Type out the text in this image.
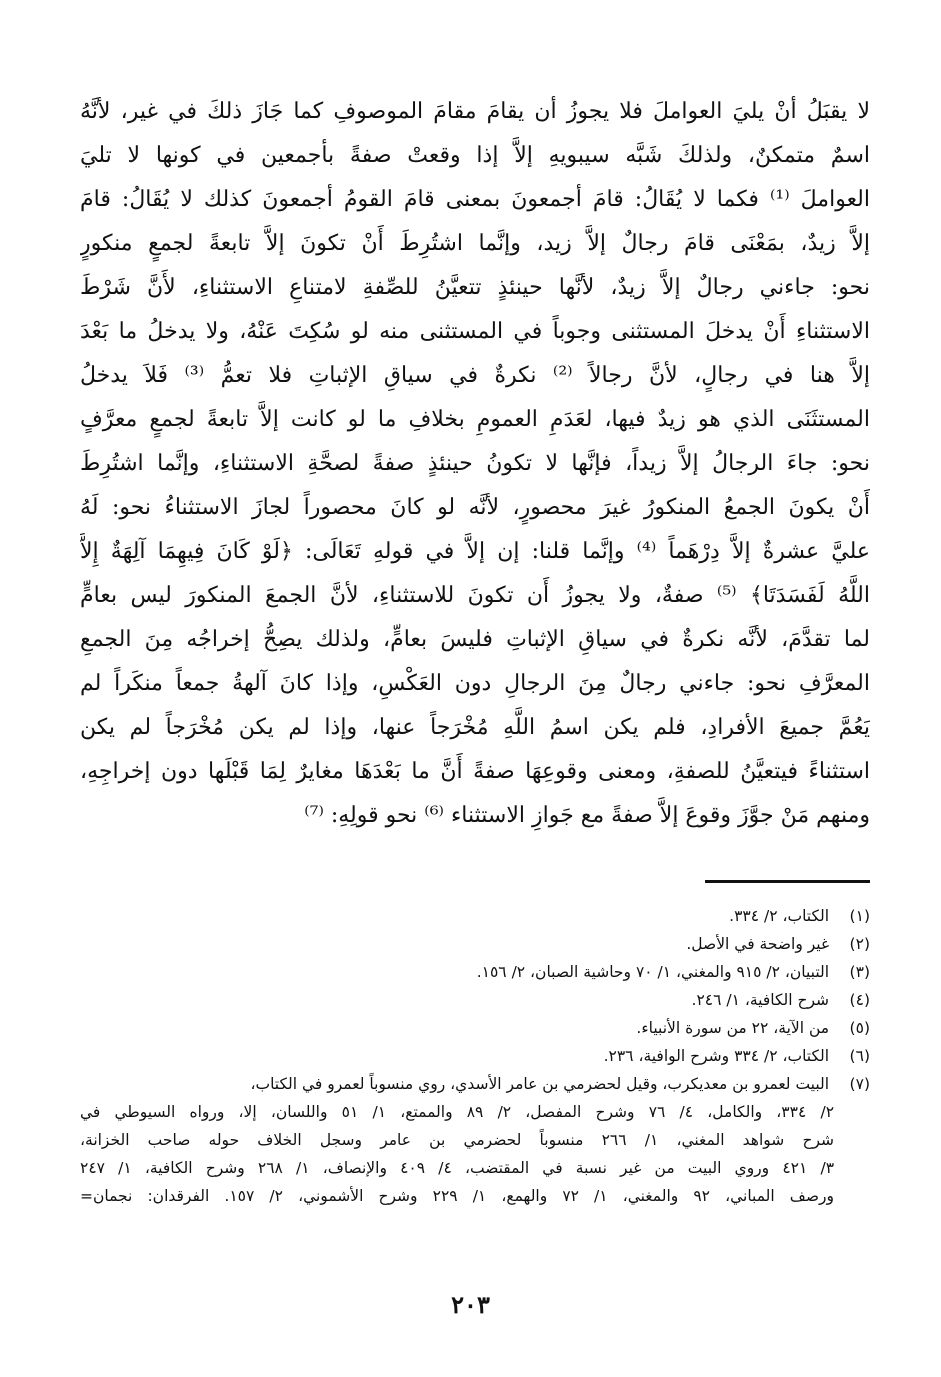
لا يقبَلُ أنْ يليَ العواملَ فلا يجوزُ أن يقامَ مقامَ الموصوفِ كما جَازَ ذلكَ في غير، لأنَّهُ
اسمٌ متمكنٌ، ولذلكَ شَبَّه سيبويهِ إلاَّ إذا وقعتْ صفةً بأجمعين في كونها لا تليَ
العواملَ ⁽¹⁾ فكما لا يُقَالُ: قامَ أجمعونَ بمعنى قامَ القومُ أجمعونَ كذلك لا يُقَالُ: قامَ
إلاَّ زيدٌ، بمَعْنَى قامَ رجالٌ إلاَّ زيد، وإنَّما اشتُرِطَ أَنْ تكونَ إلاَّ تابعةً لجمعٍ منكورٍ
نحو: جاءني رجالٌ إلاَّ زيدٌ، لأنَّها حينئذٍ تتعيَّنُ للصِّفةِ لامتناعِ الاستثناءِ، لأَنَّ شَرْطَ
الاستثناءِ أَنْ يدخلَ المستثنى وجوباً في المستثنى منه لو سُكِتَ عَنْهُ، ولا يدخلُ ما بَعْدَ
إلاَّ هنا في رجالٍ، لأنَّ رجالاً ⁽²⁾ نكرةٌ في سياقِ الإثباتِ فلا تعمُّ ⁽³⁾ فَلاَ يدخلُ
المستثَنَى الذي هو زيدٌ فيها، لعَدَمِ العمومِ بخلافِ ما لو كانت إلاَّ تابعةً لجمعٍ معرَّفٍ
نحو: جاءَ الرجالُ إلاَّ زيداً، فإنَّها لا تكونُ حينئذٍ صفةً لصحَّةِ الاستثناءِ، وإنَّما اشتُرِطَ
أَنْ يكونَ الجمعُ المنكورُ غيرَ محصورٍ، لأنَّه لو كانَ محصوراً لجازَ الاستثناءُ نحو: لَهُ
عليَّ عشرةٌ إلاَّ دِرْهَماً ⁽⁴⁾ وإنَّما قلنا: إن إلاَّ في قولهِ تَعَالَى: ﴿لَوْ كَانَ فِيهِمَا آلِهَةٌ إِلاَّ
اللَّهُ لَفَسَدَتَا﴾ ⁽⁵⁾ صفةٌ، ولا يجوزُ أَن تكونَ للاستثناءِ، لأنَّ الجمعَ المنكورَ ليس بعامٍّ
لما تقدَّمَ، لأنَّه نكرةٌ في سياقِ الإثباتِ فليسَ بعامٍّ، ولذلك يصِحُّ إخراجُه مِنَ الجمعِ
المعرَّفِ نحو: جاءني رجالٌ مِنَ الرجالِ دون العَكْسِ، وإذا كانَ آلهةُ جمعاً منكَراً لم
يَعُمَّ جميعَ الأفرادِ، فلم يكن اسمُ اللَّهِ مُخْرَجاً عنها، وإذا لم يكن مُخْرَجاً لم يكن
استثناءً فيتعيَّنُ للصفةِ، ومعنى وقوعِهَا صفةً أَنَّ ما بَعْدَهَا مغايرٌ لِمَا قَبْلَها دون إخراجِهِ،
ومنهم مَنْ جوَّزَ وقوعَ إلاَّ صفةً مع جَوازِ الاستثناء ⁽⁶⁾ نحو قولِهِ: ⁽⁷⁾
(١) الكتاب، ٢/ ٣٣٤.
(٢) غير واضحة في الأصل.
(٣) التبيان، ٢/ ٩١٥ والمغني، ١/ ٧٠ وحاشية الصبان، ٢/ ١٥٦.
(٤) شرح الكافية، ١/ ٢٤٦.
(٥) من الآية، ٢٢ من سورة الأنبياء.
(٦) الكتاب، ٢/ ٣٣٤ وشرح الوافية، ٢٣٦.
(٧) البيت لعمرو بن معديكرب، وقيل لحضرمي بن عامر الأسدي، روي منسوباً لعمرو في الكتاب،
٢/ ٣٣٤، والكامل، ٤/ ٧٦ وشرح المفصل، ٢/ ٨٩ والممتع، ١/ ٥١ واللسان، إلا، ورواه السيوطي في
شرح شواهد المغني، ١/ ٢٦٦ منسوباً لحضرمي بن عامر وسجل الخلاف حوله صاحب الخزانة،
٣/ ٤٢١ وروي البيت من غير نسبة في المقتضب، ٤/ ٤٠٩ والإنصاف، ١/ ٢٦٨ وشرح الكافية، ١/ ٢٤٧
ورصف المباني، ٩٢ والمغني، ١/ ٧٢ والهمع، ١/ ٢٢٩ وشرح الأشموني، ٢/ ١٥٧. الفرقدان: نجمان=
٢٠٣
